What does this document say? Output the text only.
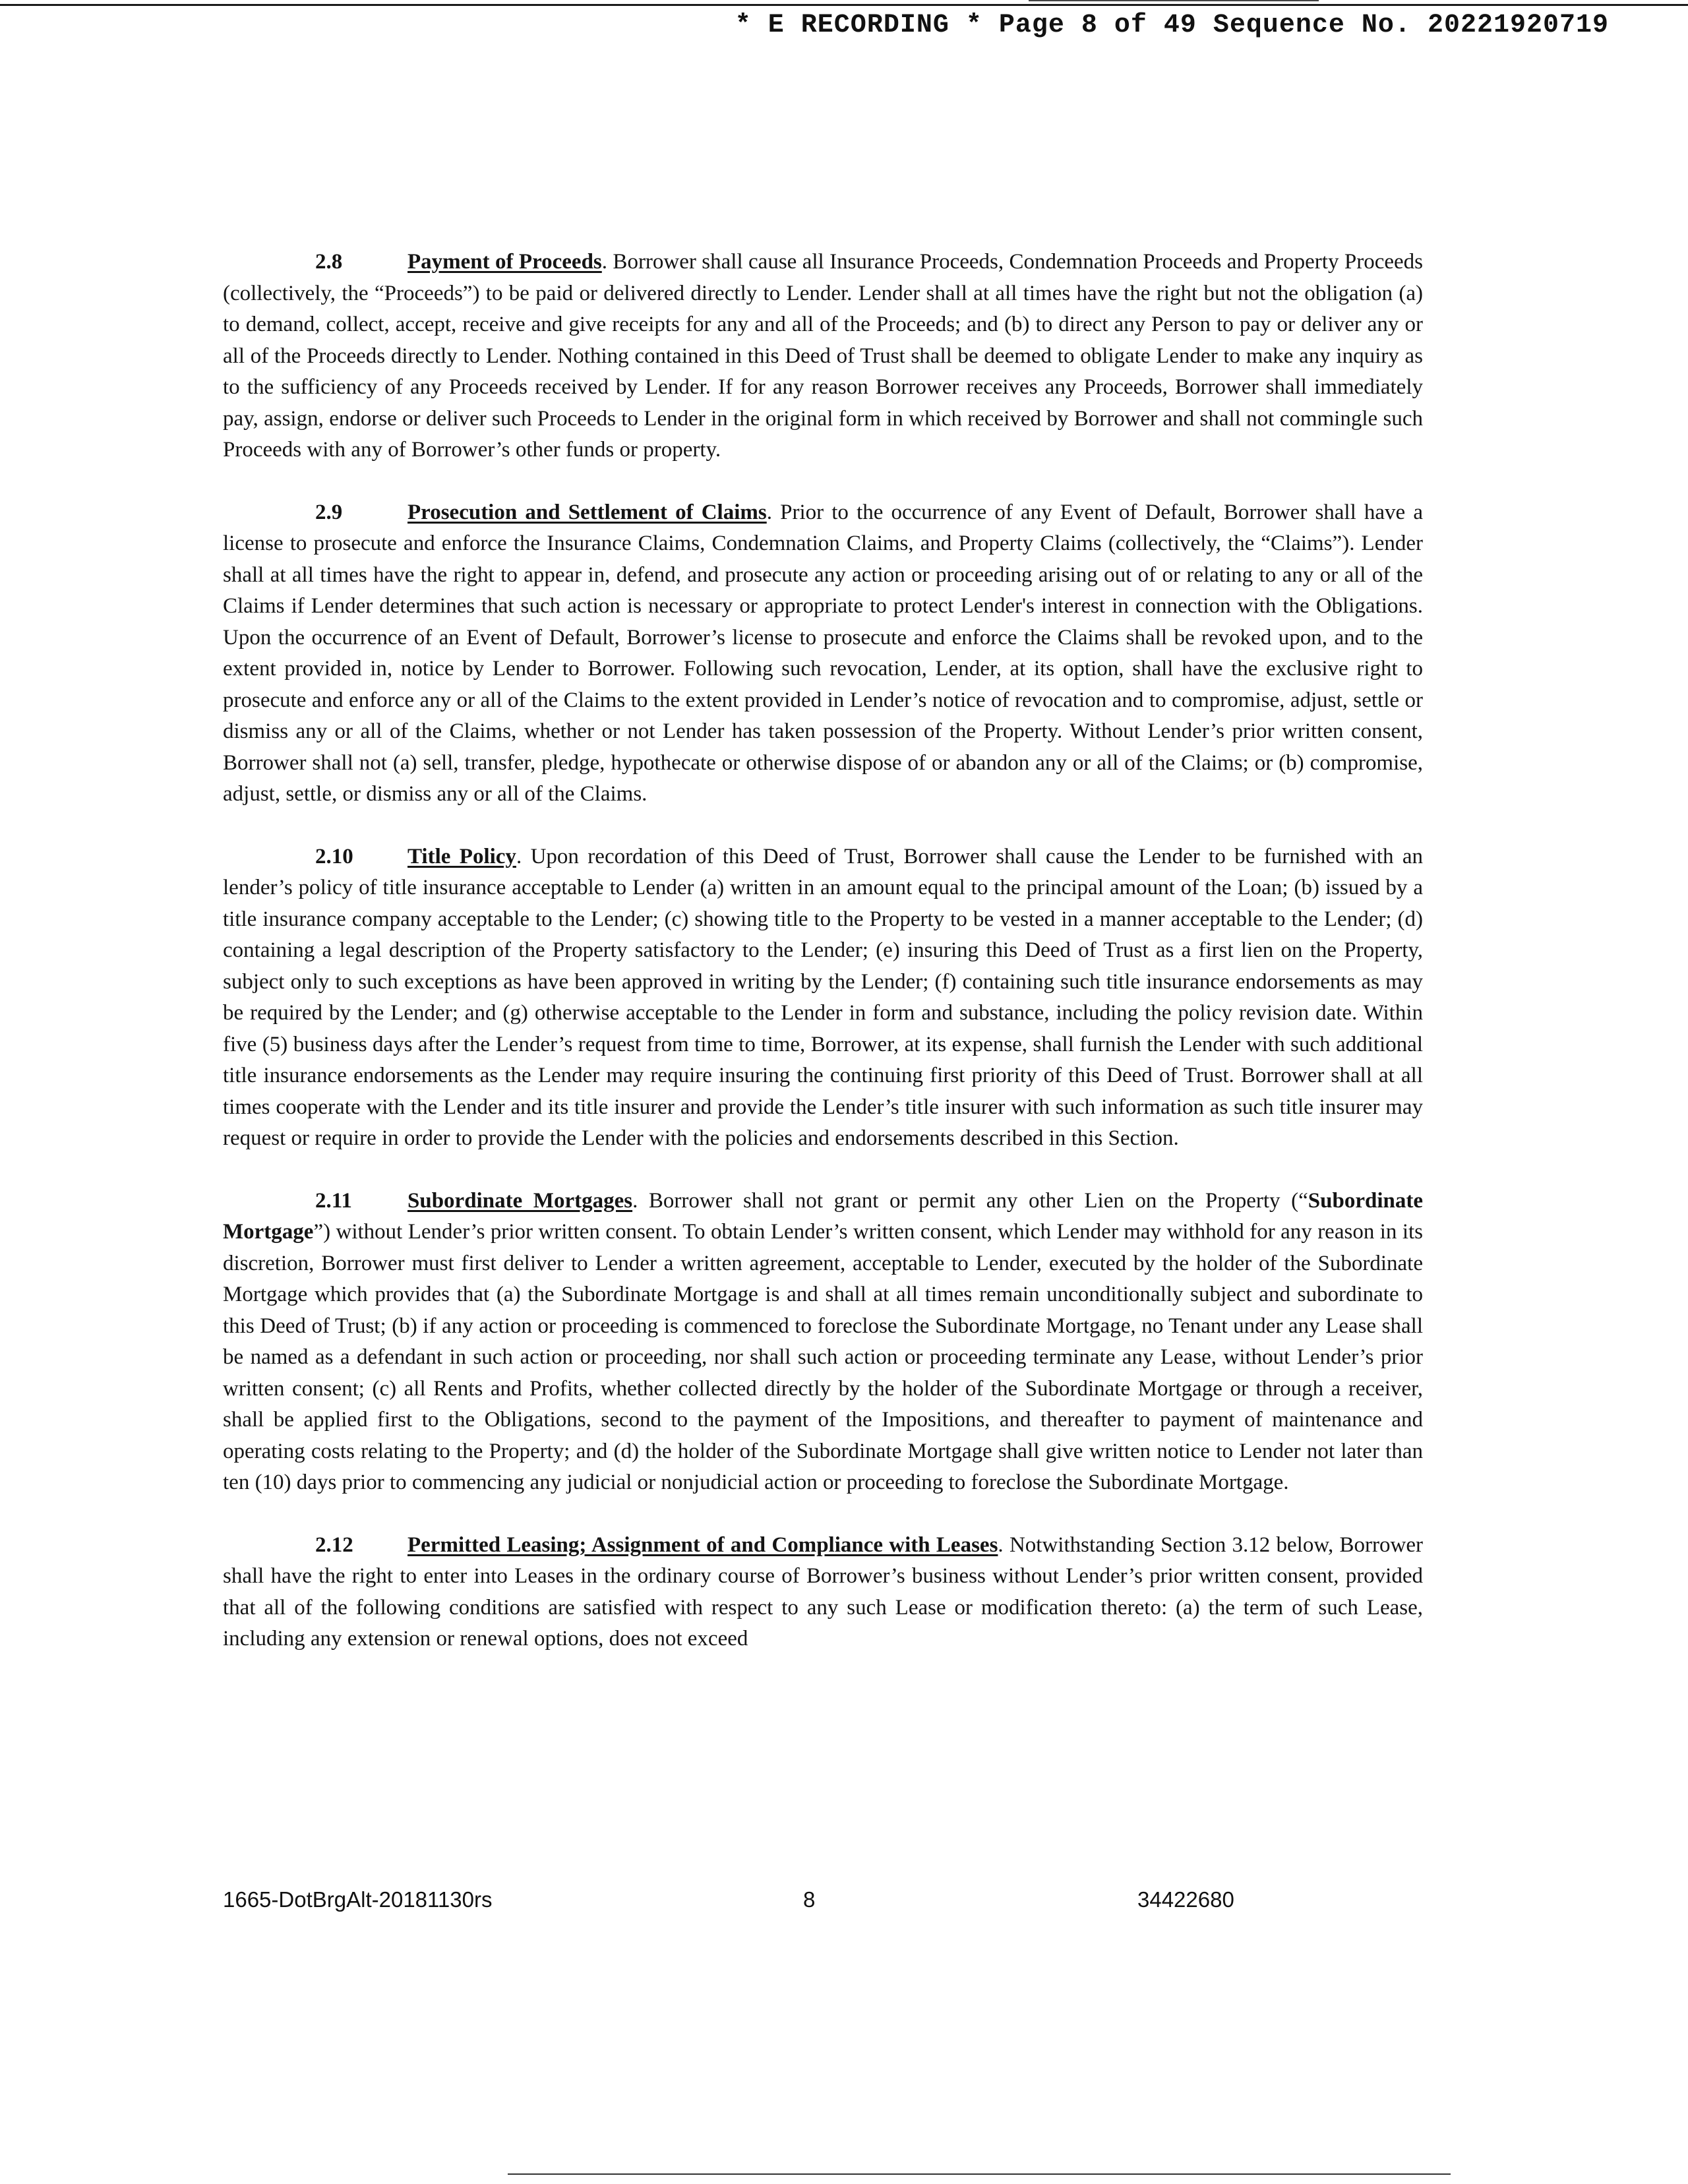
* E RECORDING * Page 8 of 49 Sequence No. 20221920719

2.8	Payment of Proceeds. Borrower shall cause all Insurance Proceeds, Condemnation Proceeds and Property Proceeds (collectively, the “Proceeds”) to be paid or delivered directly to Lender. Lender shall at all times have the right but not the obligation (a) to demand, collect, accept, receive and give receipts for any and all of the Proceeds; and (b) to direct any Person to pay or deliver any or all of the Proceeds directly to Lender. Nothing contained in this Deed of Trust shall be deemed to obligate Lender to make any inquiry as to the sufficiency of any Proceeds received by Lender. If for any reason Borrower receives any Proceeds, Borrower shall immediately pay, assign, endorse or deliver such Proceeds to Lender in the original form in which received by Borrower and shall not commingle such Proceeds with any of Borrower’s other funds or property.

2.9	Prosecution and Settlement of Claims. Prior to the occurrence of any Event of Default, Borrower shall have a license to prosecute and enforce the Insurance Claims, Condemnation Claims, and Property Claims (collectively, the “Claims”). Lender shall at all times have the right to appear in, defend, and prosecute any action or proceeding arising out of or relating to any or all of the Claims if Lender determines that such action is necessary or appropriate to protect Lender's interest in connection with the Obligations. Upon the occurrence of an Event of Default, Borrower’s license to prosecute and enforce the Claims shall be revoked upon, and to the extent provided in, notice by Lender to Borrower. Following such revocation, Lender, at its option, shall have the exclusive right to prosecute and enforce any or all of the Claims to the extent provided in Lender’s notice of revocation and to compromise, adjust, settle or dismiss any or all of the Claims, whether or not Lender has taken possession of the Property. Without Lender’s prior written consent, Borrower shall not (a) sell, transfer, pledge, hypothecate or otherwise dispose of or abandon any or all of the Claims; or (b) compromise, adjust, settle, or dismiss any or all of the Claims.

2.10 Title Policy. Upon recordation of this Deed of Trust, Borrower shall cause the Lender to be furnished with an lender’s policy of title insurance acceptable to Lender (a) written in an amount equal to the principal amount of the Loan; (b) issued by a title insurance company acceptable to the Lender; (c) showing title to the Property to be vested in a manner acceptable to the Lender; (d) containing a legal description of the Property satisfactory to the Lender; (e) insuring this Deed of Trust as a first lien on the Property, subject only to such exceptions as have been approved in writing by the Lender; (f) containing such title insurance endorsements as may be required by the Lender; and (g) otherwise acceptable to the Lender in form and substance, including the policy revision date. Within five (5) business days after the Lender’s request from time to time, Borrower, at its expense, shall furnish the Lender with such additional title insurance endorsements as the Lender may require insuring the continuing first priority of this Deed of Trust. Borrower shall at all times cooperate with the Lender and its title insurer and provide the Lender’s title insurer with such information as such title insurer may request or require in order to provide the Lender with the policies and endorsements described in this Section.

2.11	Subordinate Mortgages. Borrower shall not grant or permit any other Lien on the Property (“Subordinate Mortgage”) without Lender’s prior written consent. To obtain Lender’s written consent, which Lender may withhold for any reason in its discretion, Borrower must first deliver to Lender a written agreement, acceptable to Lender, executed by the holder of the Subordinate Mortgage which provides that (a) the Subordinate Mortgage is and shall at all times remain unconditionally subject and subordinate to this Deed of Trust; (b) if any action or proceeding is commenced to foreclose the Subordinate Mortgage, no Tenant under any Lease shall be named as a defendant in such action or proceeding, nor shall such action or proceeding terminate any Lease, without Lender’s prior written consent; (c) all Rents and Profits, whether collected directly by the holder of the Subordinate Mortgage or through a receiver, shall be applied first to the Obligations, second to the payment of the Impositions, and thereafter to payment of maintenance and operating costs relating to the Property; and (d) the holder of the Subordinate Mortgage shall give written notice to Lender not later than ten (10) days prior to commencing any judicial or nonjudicial action or proceeding to foreclose the Subordinate Mortgage.

2.12 Permitted Leasing; Assignment of and Compliance with Leases. Notwithstanding Section 3.12 below, Borrower shall have the right to enter into Leases in the ordinary course of Borrower’s business without Lender’s prior written consent, provided that all of the following conditions are satisfied with respect to any such Lease or modification thereto: (a) the term of such Lease, including any extension or renewal options, does not exceed

1665-DotBrgAlt-20181130rs	8	34422680
